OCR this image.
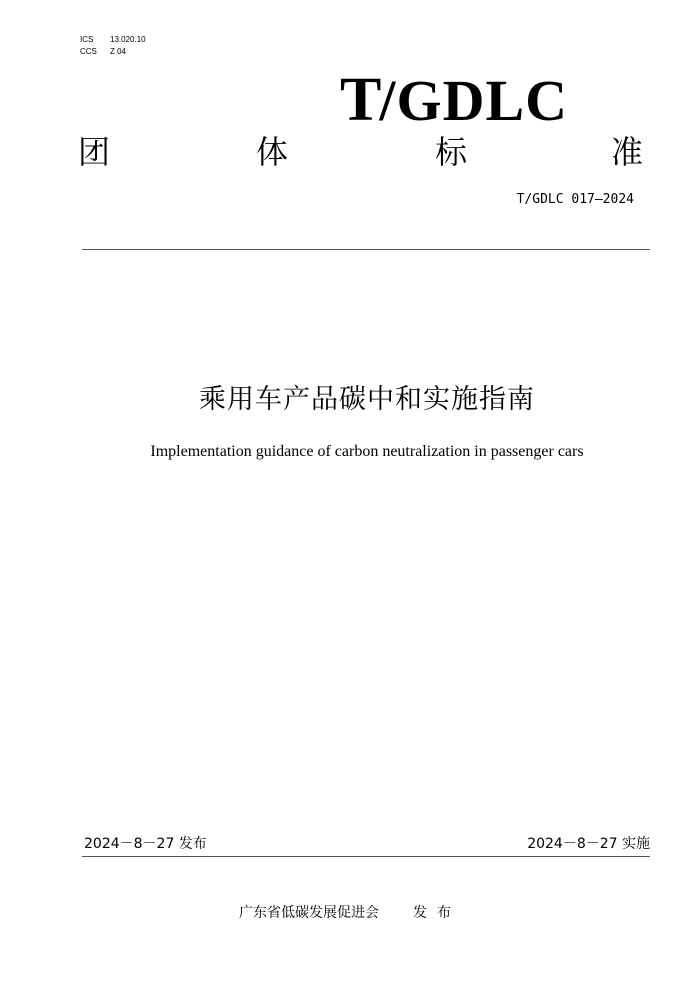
ICS 13.020.10
CCS Z 04
T/GDLC
团	体	标	准
T/GDLC 017—2024
乘用车产品碳中和实施指南
Implementation guidance of carbon neutralization in passenger cars
2024－8－27 发布	2024－8－27 实施
广东省低碳发展促进会 发布
